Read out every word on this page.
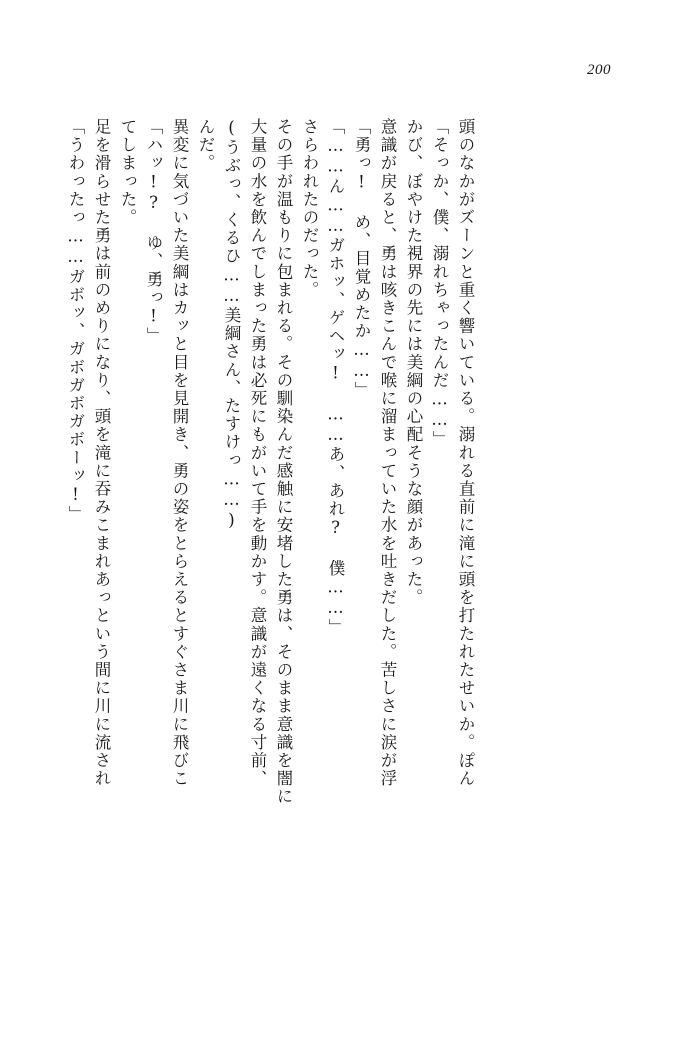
200
「うわったっ……ガボッ、ガボガボガボーッ!」 足を滑らせた勇は前のめりになり、頭を滝に吞みこまれあっという間に川に流され てしまった。 「ハッ!? ゆ、勇っ!」 異変に気づいた美綱はカッと目を見開き、勇の姿をとらえるとすぐさま川に飛びこ んだ。 (うぶっ、くるひ……美綱さん、たすけっ……) 大量の水を飲んでしまった勇は必死にもがいて手を動かす。意識が遠くなる寸前、 その手が温もりに包まれる。その馴染んだ感触に安堵した勇は、そのまま意識を闇に さらわれたのだった。 「……ん……ガホッ、ゲヘッ! ……あ、あれ? 僕……」 「勇っ! め、目覚めたか……」 意識が戻ると、勇は咳きこんで喉に溜まっていた水を吐きだした。苦しさに涙が浮 かび、ぼやけた視界の先には美綱の心配そうな顔があった。 「そっか、僕、溺れちゃったんだ……」 頭のなかがズーンと重く響いている。溺れる直前に滝に頭を打たれたせいか。ぽん
